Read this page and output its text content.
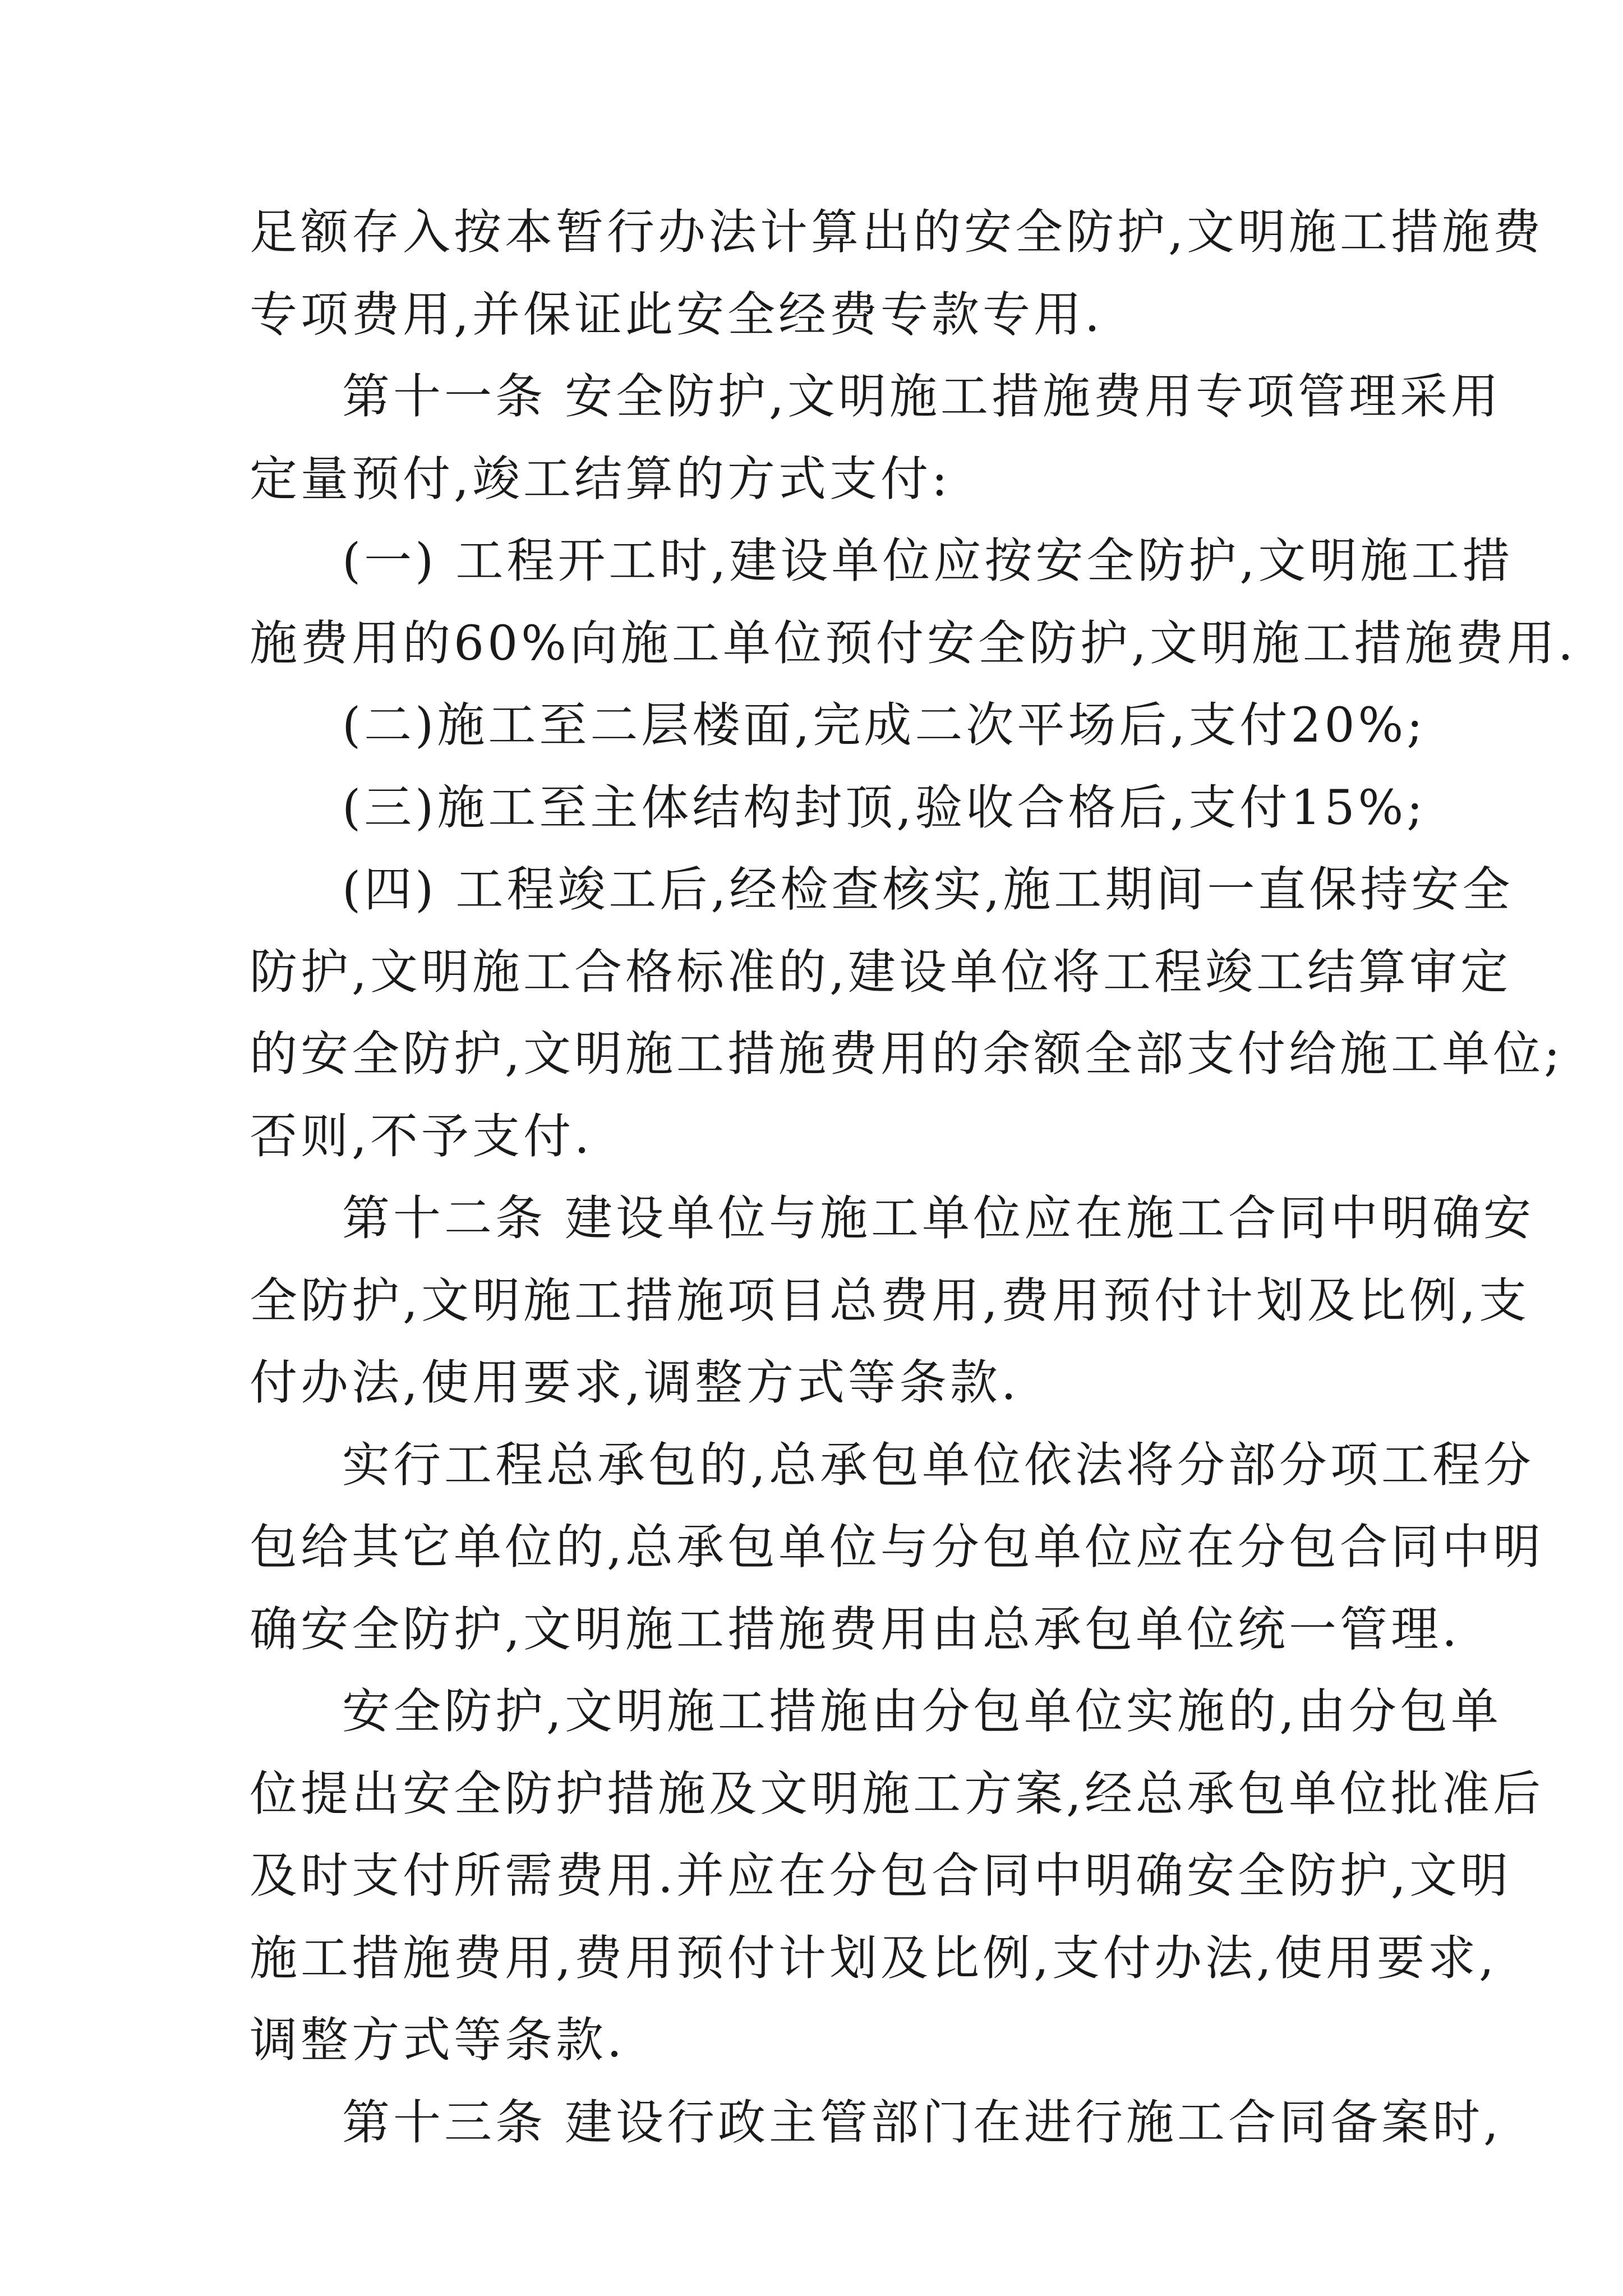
足额存入按本暂行办法计算出的安全防护,文明施工措施费
专项费用,并保证此安全经费专款专用.
第十一条 安全防护,文明施工措施费用专项管理采用
定量预付,竣工结算的方式支付:
(一) 工程开工时,建设单位应按安全防护,文明施工措
施费用的60%向施工单位预付安全防护,文明施工措施费用.
(二)施工至二层楼面,完成二次平场后,支付20%;
(三)施工至主体结构封顶,验收合格后,支付15%;
(四) 工程竣工后,经检查核实,施工期间一直保持安全
防护,文明施工合格标准的,建设单位将工程竣工结算审定
的安全防护,文明施工措施费用的余额全部支付给施工单位;
否则,不予支付.
第十二条 建设单位与施工单位应在施工合同中明确安
全防护,文明施工措施项目总费用,费用预付计划及比例,支
付办法,使用要求,调整方式等条款.
实行工程总承包的,总承包单位依法将分部分项工程分
包给其它单位的,总承包单位与分包单位应在分包合同中明
确安全防护,文明施工措施费用由总承包单位统一管理.
安全防护,文明施工措施由分包单位实施的,由分包单
位提出安全防护措施及文明施工方案,经总承包单位批准后
及时支付所需费用.并应在分包合同中明确安全防护,文明
施工措施费用,费用预付计划及比例,支付办法,使用要求,
调整方式等条款.
第十三条 建设行政主管部门在进行施工合同备案时,
